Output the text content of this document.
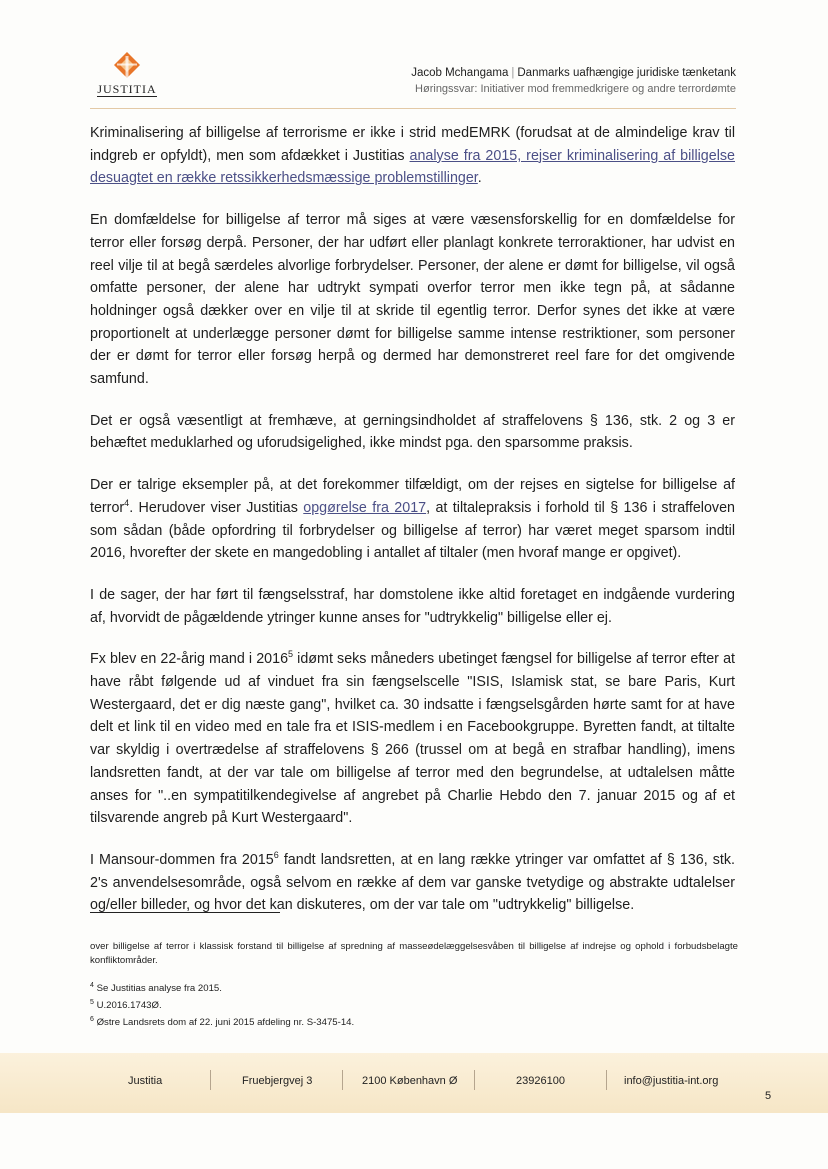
JUSTITIA
Jacob Mchangama | Danmarks uafhængige juridiske tænketank
Høringssvar: Initiativer mod fremmedkrigere og andre terrordømte

Kriminalisering af billigelse af terrorisme er ikke i strid medEMRK (forudsat at de almindelige krav til indgreb er opfyldt), men som afdækket i Justitias analyse fra 2015, rejser kriminalisering af billigelse desuagtet en række retssikkerhedsmæssige problemstillinger.

En domfældelse for billigelse af terror må siges at være væsensforskellig for en domfældelse for terror eller forsøg derpå. Personer, der har udført eller planlagt konkrete terroraktioner, har udvist en reel vilje til at begå særdeles alvorlige forbrydelser. Personer, der alene er dømt for billigelse, vil også omfatte personer, der alene har udtrykt sympati overfor terror men ikke tegn på, at sådanne holdninger også dækker over en vilje til at skride til egentlig terror. Derfor synes det ikke at være proportionelt at underlægge personer dømt for billigelse samme intense restriktioner, som personer der er dømt for terror eller forsøg herpå og dermed har demonstreret reel fare for det omgivende samfund.

Det er også væsentligt at fremhæve, at gerningsindholdet af straffelovens § 136, stk. 2 og 3 er behæftet meduklarhed og uforudsigelighed, ikke mindst pga. den sparsomme praksis.

Der er talrige eksempler på, at det forekommer tilfældigt, om der rejses en sigtelse for billigelse af terror$^4$. Herudover viser Justitias opgørelse fra 2017, at tiltalepraksis i forhold til § 136 i straffeloven som sådan (både opfordring til forbrydelser og billigelse af terror) har været meget sparsom indtil 2016, hvorefter der skete en mangedobling i antallet af tiltaler (men hvoraf mange er opgivet).

I de sager, der har ført til fængselsstraf, har domstolene ikke altid foretaget en indgående vurdering af, hvorvidt de pågældende ytringer kunne anses for "udtrykkelig" billigelse eller ej.

Fx blev en 22-årig mand i 2016$^5$ idømt seks måneders ubetinget fængsel for billigelse af terror efter at have råbt følgende ud af vinduet fra sin fængselscelle "ISIS, Islamisk stat, se bare Paris, Kurt Westergaard, det er dig næste gang", hvilket ca. 30 indsatte i fængselsgården hørte samt for at have delt et link til en video med en tale fra et ISIS-medlem i en Facebookgruppe. Byretten fandt, at tiltalte var skyldig i overtrædelse af straffelovens § 266 (trussel om at begå en strafbar handling), imens landsretten fandt, at der var tale om billigelse af terror med den begrundelse, at udtalelsen måtte anses for "..en sympatitilkendegivelse af angrebet på Charlie Hebdo den 7. januar 2015 og af et tilsvarende angreb på Kurt Westergaard".

I Mansour-dommen fra 2015$^6$ fandt landsretten, at en lang række ytringer var omfattet af § 136, stk. 2's anvendelsesområde, også selvom en række af dem var ganske tvetydige og abstrakte udtalelser og/eller billeder, og hvor det kan diskuteres, om der var tale om "udtrykkelig" billigelse.

over billigelse af terror i klassisk forstand til billigelse af spredning af masseødelæggelsesvåben til billigelse af indrejse og ophold i forbudsbelagte konfliktområder.
$^4$ Se Justitias analyse fra 2015.
$^5$ U.2016.1743Ø.
$^6$ Østre Landsrets dom af 22. juni 2015 afdeling nr. S-3475-14.
Justitia	Fruebjergvej 3	2100 København Ø	23926100	info@justitia-int.org
5
